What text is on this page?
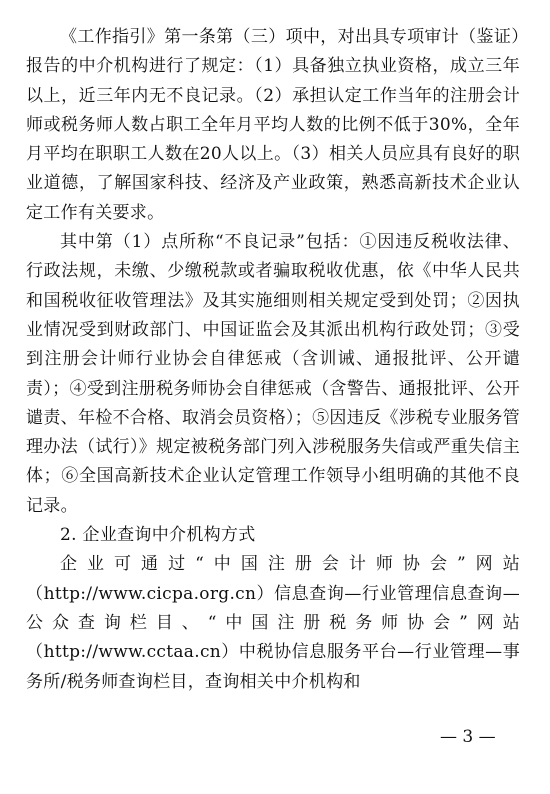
《工作指引》第一条第（三）项中，对出具专项审计（鉴证）报告的中介机构进行了规定：（1）具备独立执业资格，成立三年以上，近三年内无不良记录。（2）承担认定工作当年的注册会计师或税务师人数占职工全年月平均人数的比例不低于30%，全年月平均在职职工人数在20人以上。（3）相关人员应具有良好的职业道德，了解国家科技、经济及产业政策，熟悉高新技术企业认定工作有关要求。

其中第（1）点所称“不良记录”包括：①因违反税收法律、行政法规，未缴、少缴税款或者骗取税收优惠，依《中华人民共和国税收征收管理法》及其实施细则相关规定受到处罚；②因执业情况受到财政部门、中国证监会及其派出机构行政处罚；③受到注册会计师行业协会自律惩戒（含训诫、通报批评、公开谴责）；④受到注册税务师协会自律惩戒（含警告、通报批评、公开谴责、年检不合格、取消会员资格）；⑤因违反《涉税专业服务管理办法（试行）》规定被税务部门列入涉税服务失信或严重失信主体；⑥全国高新技术企业认定管理工作领导小组明确的其他不良记录。

2. 企业查询中介机构方式

企业可通过“中国注册会计师协会”网站（http://www.cicpa.org.cn）信息查询—行业管理信息查询—公众查询栏目、“中国注册税务师协会”网站（http://www.cctaa.cn）中税协信息服务平台—行业管理—事务所/税务师查询栏目，查询相关中介机构和

— 3 —
